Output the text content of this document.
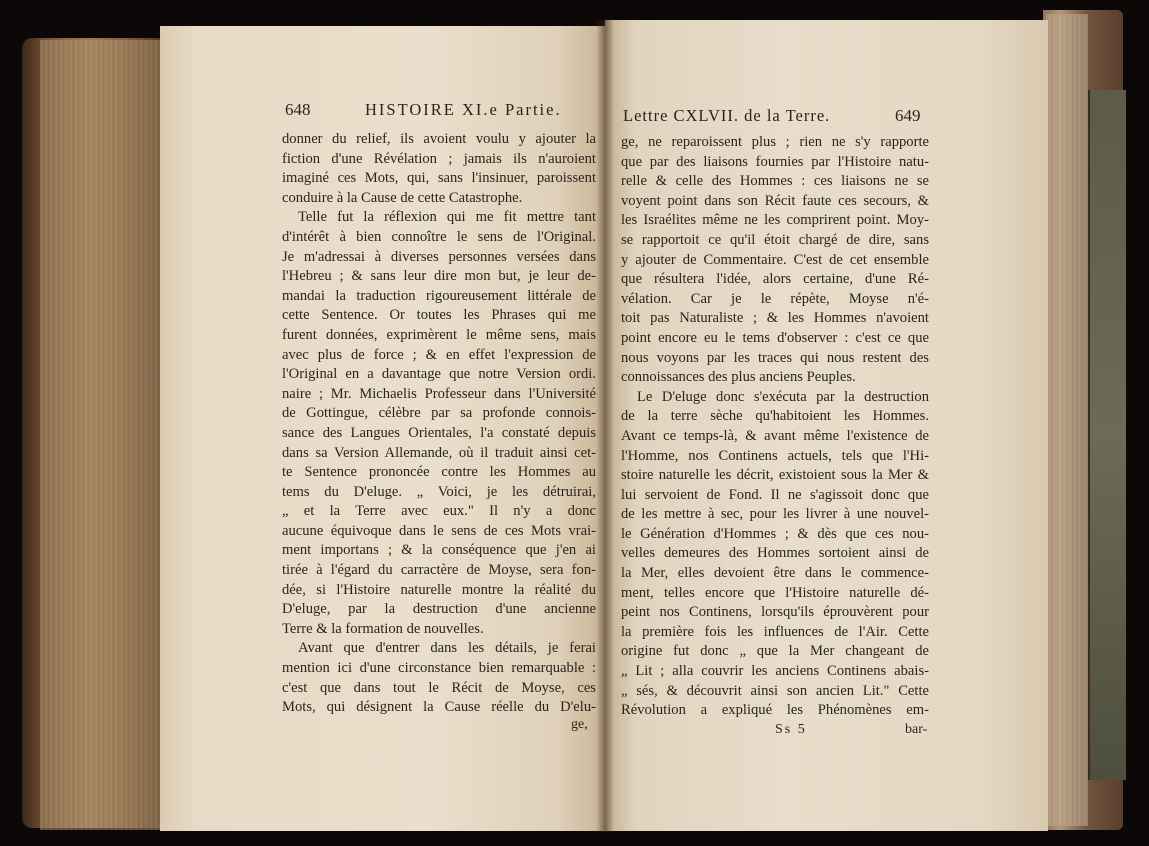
648	HISTOIRE XI.e Partie.
donner du relief, ils avoient voulu y ajouter la
fiction d'une Révélation ; jamais ils n'auroient
imaginé ces Mots, qui, sans l'insinuer, paroissent
conduire à la Cause de cette Catastrophe.
Telle fut la réflexion qui me fit mettre tant
d'intérêt à bien connoître le sens de l'Original.
Je m'adressai à diverses personnes versées dans
l'Hebreu ; & sans leur dire mon but, je leur de-
mandai la traduction rigoureusement littérale de
cette Sentence. Or toutes les Phrases qui me
furent données, exprimèrent le même sens, mais
avec plus de force ; & en effet l'expression de
l'Original en a davantage que notre Version ordi.
naire ; Mr. Michaelis Professeur dans l'Université
de Gottingue, célèbre par sa profonde connois-
sance des Langues Orientales, l'a constaté depuis
dans sa Version Allemande, où il traduit ainsi cet-
te Sentence prononcée contre les Hommes au
tems du D'eluge. „ Voici, je les détruirai,
„ et la Terre avec eux." Il n'y a donc
aucune équivoque dans le sens de ces Mots vrai-
ment importans ; & la conséquence que j'en ai
tirée à l'égard du carractère de Moyse, sera fon-
dée, si l'Histoire naturelle montre la réalité du
D'eluge, par la destruction d'une ancienne
Terre & la formation de nouvelles.
Avant que d'entrer dans les détails, je ferai
mention ici d'une circonstance bien remarquable :
c'est que dans tout le Récit de Moyse, ces
Mots, qui désignent la Cause réelle du D'elu-
ge,
Lettre CXLVII. de la Terre.	649
ge, ne reparoissent plus ; rien ne s'y rapporte
que par des liaisons fournies par l'Histoire natu-
relle & celle des Hommes : ces liaisons ne se
voyent point dans son Récit faute ces secours, &
les Israélites même ne les comprirent point. Moy-
se rapportoit ce qu'il étoit chargé de dire, sans
y ajouter de Commentaire. C'est de cet ensemble
que résultera l'idée, alors certaine, d'une Ré-
vélation. Car je le répète, Moyse n'é-
toit pas Naturaliste ; & les Hommes n'avoient
point encore eu le tems d'observer : c'est ce que
nous voyons par les traces qui nous restent des
connoissances des plus anciens Peuples.
Le D'eluge donc s'exécuta par la destruction
de la terre sèche qu'habitoient les Hommes.
Avant ce temps-là, & avant même l'existence de
l'Homme, nos Continens actuels, tels que l'Hi-
stoire naturelle les décrit, existoient sous la Mer &
lui servoient de Fond. Il ne s'agissoit donc que
de les mettre à sec, pour les livrer à une nouvel-
le Génération d'Hommes ; & dès que ces nou-
velles demeures des Hommes sortoient ainsi de
la Mer, elles devoient être dans le commence-
ment, telles encore que l'Histoire naturelle dé-
peint nos Continens, lorsqu'ils éprouvèrent pour
la première fois les influences de l'Air. Cette
origine fut donc „ que la Mer changeant de
„ Lit ; alla couvrir les anciens Continens abais-
„ sés, & découvrit ainsi son ancien Lit." Cette
Révolution a expliqué les Phénomènes em-
Ss 5	bar-
